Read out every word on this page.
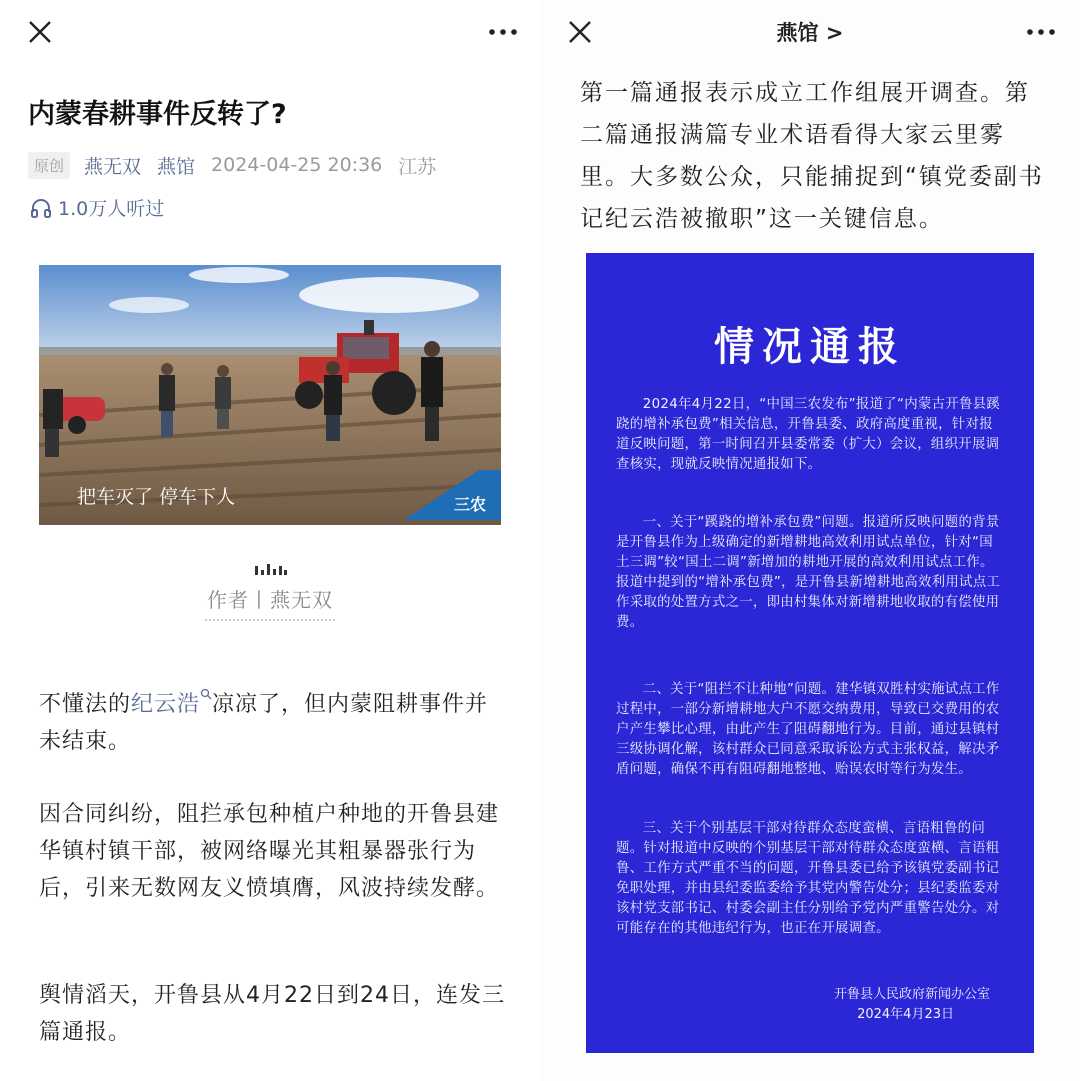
内蒙春耕事件反转了?
原创	燕无双 燕馆 2024-04-25 20:36 江苏
1.0万人听过
三农
把车灭了 停车下人
作者丨燕无双
不懂法的纪云浩 凉凉了，但内蒙阻耕事件并未结束。
因合同纠纷，阻拦承包种植户种地的开鲁县建华镇村镇干部，被网络曝光其粗暴器张行为后，引来无数网友义愤填膺，风波持续发酵。
舆情滔天，开鲁县从4月22日到24日，连发三篇通报。
燕馆 >
第一篇通报表示成立工作组展开调查。第二篇通报满篇专业术语看得大家云里雾里。大多数公众，只能捕捉到“镇党委副书记纪云浩被撤职”这一关键信息。
情况通报
2024年4月22日，“中国三农发布”报道了“内蒙古开鲁县蹊跷的增补承包费”相关信息，开鲁县委、政府高度重视，针对报道反映问题，第一时间召开县委常委（扩大）会议，组织开展调查核实，现就反映情况通报如下。
一、关于“蹊跷的增补承包费”问题。报道所反映问题的背景是开鲁县作为上级确定的新增耕地高效利用试点单位，针对“国土三调”较“国土二调”新增加的耕地开展的高效利用试点工作。报道中提到的“增补承包费”，是开鲁县新增耕地高效利用试点工作采取的处置方式之一，即由村集体对新增耕地收取的有偿使用费。
二、关于“阻拦不让种地”问题。建华镇双胜村实施试点工作过程中，一部分新增耕地大户不愿交纳费用，导致已交费用的农户产生攀比心理，由此产生了阻碍翻地行为。目前，通过县镇村三级协调化解，该村群众已同意采取诉讼方式主张权益，解决矛盾问题，确保不再有阻碍翻地整地、贻误农时等行为发生。
三、关于个别基层干部对待群众态度蛮横、言语粗鲁的问题。针对报道中反映的个别基层干部对待群众态度蛮横、言语粗鲁、工作方式严重不当的问题，开鲁县委已给予该镇党委副书记免职处理，并由县纪委监委给予其党内警告处分；县纪委监委对该村党支部书记、村委会副主任分别给予党内严重警告处分。对可能存在的其他违纪行为，也正在开展调查。
开鲁县人民政府新闻办公室
2024年4月23日
